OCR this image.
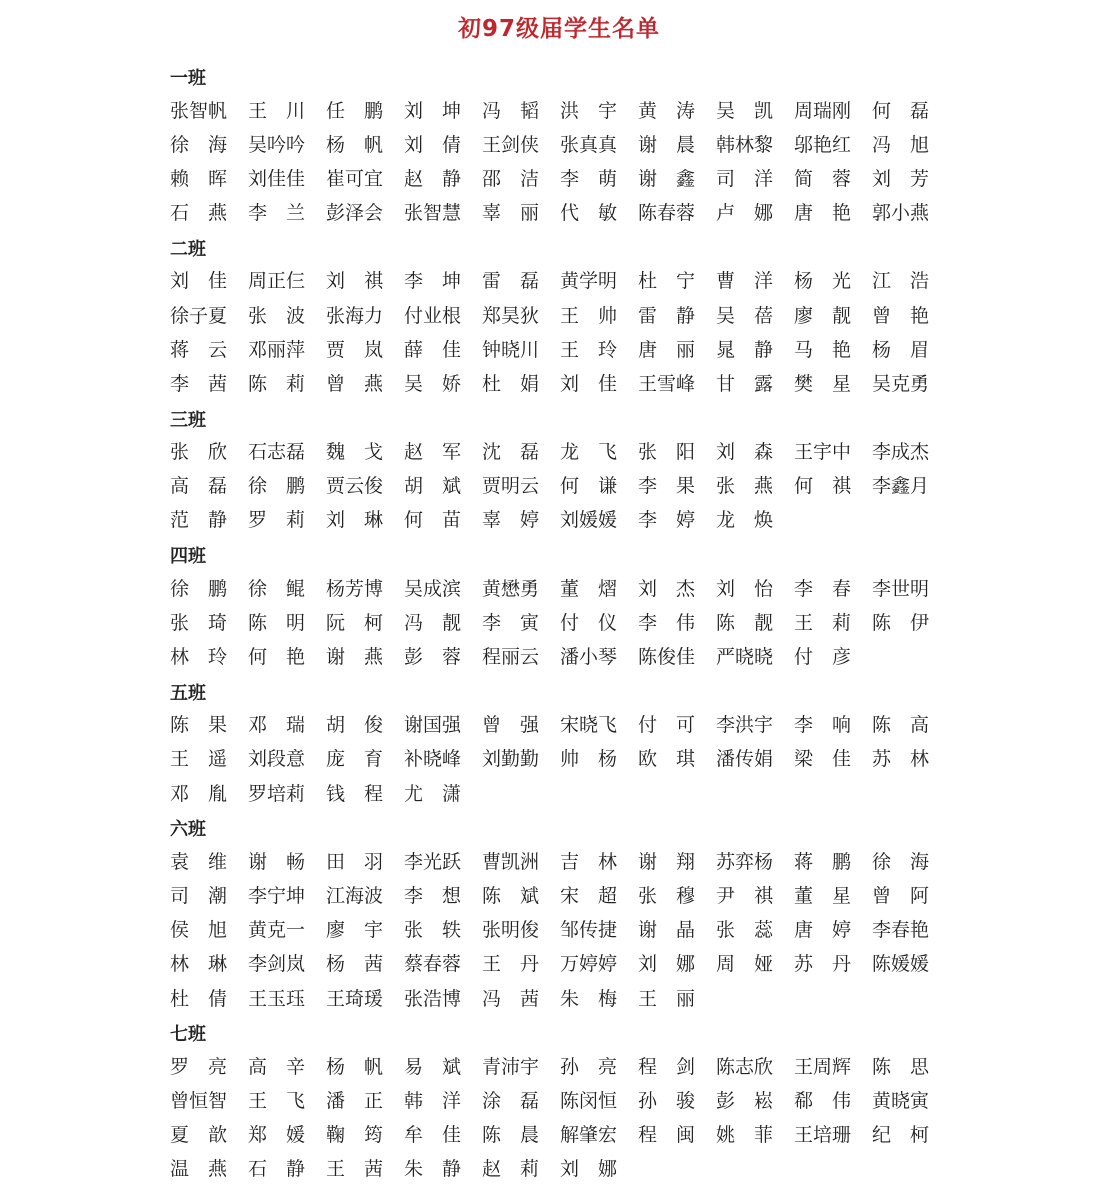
初97级届学生名单
一班
张智帆	王　川	任　鹏	刘　坤	冯　韬	洪　宇	黄　涛	吴　凯	周瑞刚	何　磊
徐　海	吴吟吟	杨　帆	刘　倩	王剑侠	张真真	谢　晨	韩林黎	邬艳红	冯　旭
赖　晖	刘佳佳	崔可宜	赵　静	邵　洁	李　萌	谢　鑫	司　洋	简　蓉	刘　芳
石　燕	李　兰	彭泽会	张智慧	辜　丽	代　敏	陈春蓉	卢　娜	唐　艳	郭小燕
二班
刘　佳	周正仨	刘　祺	李　坤	雷　磊	黄学明	杜　宁	曹　洋	杨　光	江　浩
徐子夏	张　波	张海力	付业根	郑昊狄	王　帅	雷　静	吴　蓓	廖　靓	曾　艳
蒋　云	邓丽萍	贾　岚	薛　佳	钟晓川	王　玲	唐　丽	晁　静	马　艳	杨　眉
李　茜	陈　莉	曾　燕	吴　娇	杜　娟	刘　佳	王雪峰	甘　露	樊　星	吴克勇
三班
张　欣	石志磊	魏　戈	赵　军	沈　磊	龙　飞	张　阳	刘　森	王宇中	李成杰
高　磊	徐　鹏	贾云俊	胡　斌	贾明云	何　谦	李　果	张　燕	何　祺	李鑫月
范　静	罗　莉	刘　琳	何　苗	辜　婷	刘媛媛	李　婷	龙　焕
四班
徐　鹏	徐　鲲	杨芳博	吴成滨	黄懋勇	董　熠	刘　杰	刘　怡	李　春	李世明
张　琦	陈　明	阮　柯	冯　靓	李　寅	付　仪	李　伟	陈　靓	王　莉	陈　伊
林　玲	何　艳	谢　燕	彭　蓉	程丽云	潘小琴	陈俊佳	严晓晓	付　彦
五班
陈　果	邓　瑞	胡　俊	谢国强	曾　强	宋晓飞	付　可	李洪宇	李　响	陈　高
王　遥	刘段意	庞　育	补晓峰	刘勤勤	帅　杨	欧　琪	潘传娟	梁　佳	苏　林
邓　胤	罗培莉	钱　程	尤　潇
六班
袁　维	谢　畅	田　羽	李光跃	曹凯洲	吉　林	谢　翔	苏弈杨	蒋　鹏	徐　海
司　潮	李宁坤	江海波	李　想	陈　斌	宋　超	张　穆	尹　祺	董　星	曾　阿
侯　旭	黄克一	廖　宇	张　轶	张明俊	邹传捷	谢　晶	张　蕊	唐　婷	李春艳
林　琳	李剑岚	杨　茜	蔡春蓉	王　丹	万婷婷	刘　娜	周　娅	苏　丹	陈媛媛
杜　倩	王玉珏	王琦瑗	张浩博	冯　茜	朱　梅	王　丽
七班
罗　亮	高　辛	杨　帆	易　斌	青沛宇	孙　亮	程　剑	陈志欣	王周辉	陈　思
曾恒智	王　飞	潘　正	韩　洋	涂　磊	陈闵恒	孙　骏	彭　崧	郗　伟	黄晓寅
夏　歆	郑　媛	鞠　筠	牟　佳	陈　晨	解肇宏	程　闽	姚　菲	王培珊	纪　柯
温　燕	石　静	王　茜	朱　静	赵　莉	刘　娜
